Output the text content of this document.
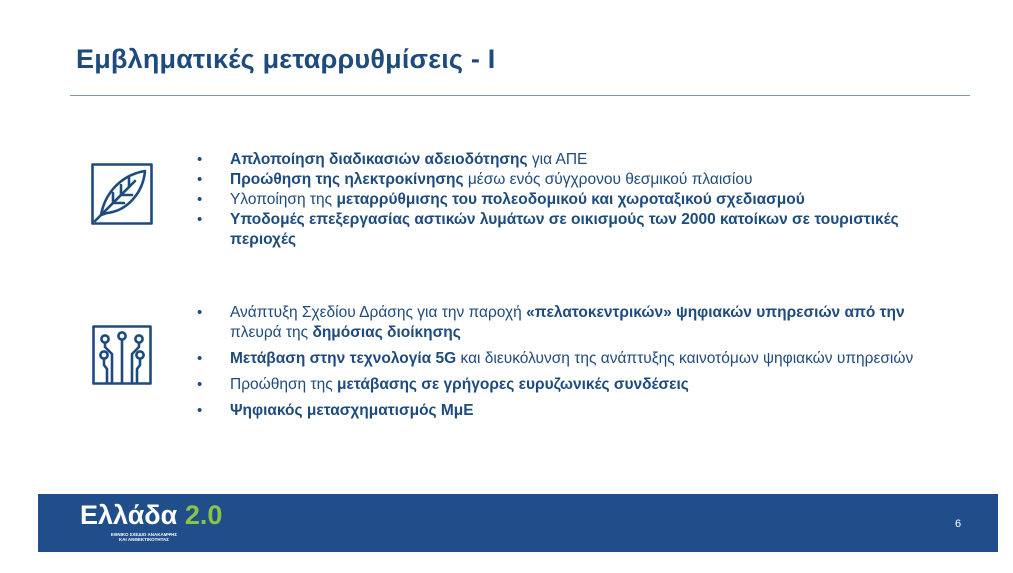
Εμβληματικές μεταρρυθμίσεις - I
• Απλοποίηση διαδικασιών αδειοδότησης για ΑΠΕ
• Προώθηση της ηλεκτροκίνησης μέσω ενός σύγχρονου θεσμικού πλαισίου
• Υλοποίηση της μεταρρύθμισης του πολεοδομικού και χωροταξικού σχεδιασμού
• Υποδομές επεξεργασίας αστικών λυμάτων σε οικισμούς των 2000 κατοίκων σε τουριστικές περιοχές
• Ανάπτυξη Σχεδίου Δράσης για την παροχή «πελατοκεντρικών» ψηφιακών υπηρεσιών από την πλευρά της δημόσιας διοίκησης
• Μετάβαση στην τεχνολογία 5G και διευκόλυνση της ανάπτυξης καινοτόμων ψηφιακών υπηρεσιών
• Προώθηση της μετάβασης σε γρήγορες ευρυζωνικές συνδέσεις
• Ψηφιακός μετασχηματισμός ΜμΕ
Ελλάδα 2.0
ΕΘΝΙΚΟ ΣΧΕΔΙΟ ΑΝΑΚΑΜΨΗΣ ΚΑΙ ΑΝΘΕΚΤΙΚΟΤΗΤΑΣ
6
